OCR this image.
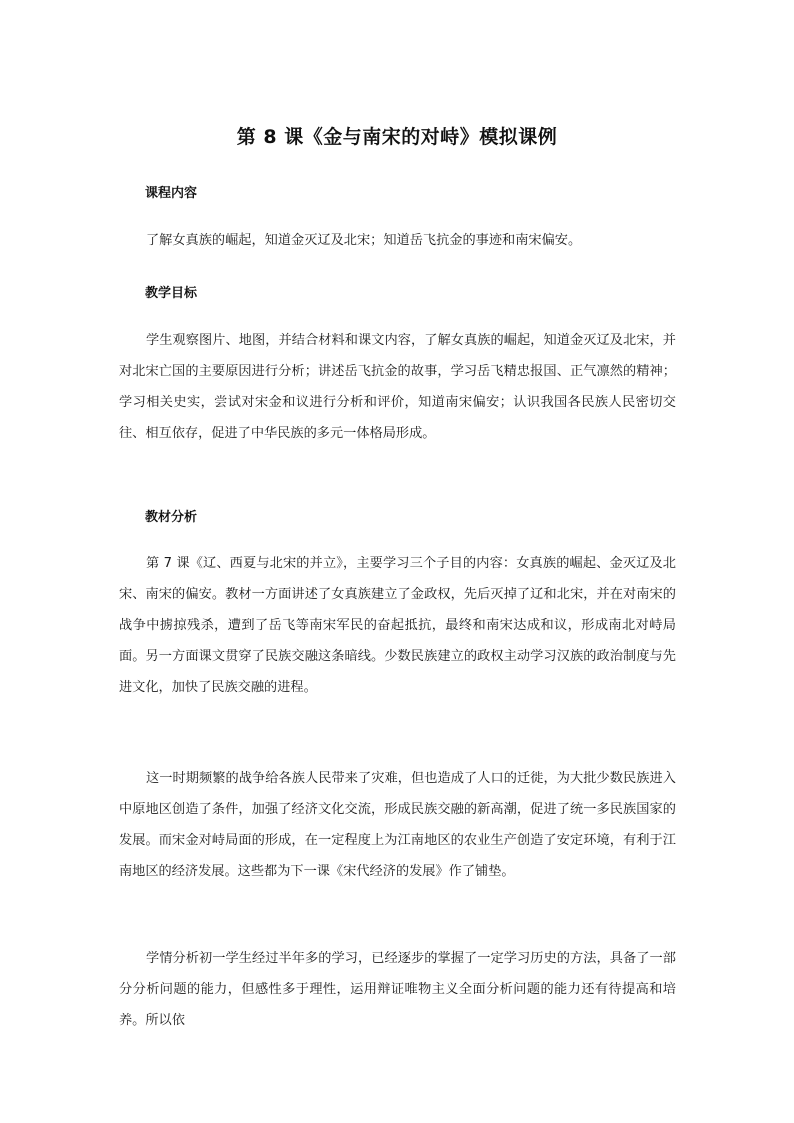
第 8 课《金与南宋的对峙》模拟课例
课程内容

了解女真族的崛起，知道金灭辽及北宋；知道岳飞抗金的事迹和南宋偏安。

教学目标

学生观察图片、地图，并结合材料和课文内容，了解女真族的崛起，知道金灭辽及北宋，并对北宋亡国的主要原因进行分析；讲述岳飞抗金的故事，学习岳飞精忠报国、正气凛然的精神；学习相关史实，尝试对宋金和议进行分析和评价，知道南宋偏安；认识我国各民族人民密切交往、相互依存，促进了中华民族的多元一体格局形成。

教材分析

第 7 课《辽、西夏与北宋的并立》，主要学习三个子目的内容：女真族的崛起、金灭辽及北宋、南宋的偏安。教材一方面讲述了女真族建立了金政权，先后灭掉了辽和北宋，并在对南宋的战争中掳掠残杀，遭到了岳飞等南宋军民的奋起抵抗，最终和南宋达成和议，形成南北对峙局面。另一方面课文贯穿了民族交融这条暗线。少数民族建立的政权主动学习汉族的政治制度与先进文化，加快了民族交融的进程。

这一时期频繁的战争给各族人民带来了灾难，但也造成了人口的迁徙，为大批少数民族进入中原地区创造了条件，加强了经济文化交流，形成民族交融的新高潮，促进了统一多民族国家的发展。而宋金对峙局面的形成，在一定程度上为江南地区的农业生产创造了安定环境，有利于江南地区的经济发展。这些都为下一课《宋代经济的发展》作了铺垫。

学情分析初一学生经过半年多的学习，已经逐步的掌握了一定学习历史的方法，具备了一部分分析问题的能力，但感性多于理性，运用辩证唯物主义全面分析问题的能力还有待提高和培养。所以依
